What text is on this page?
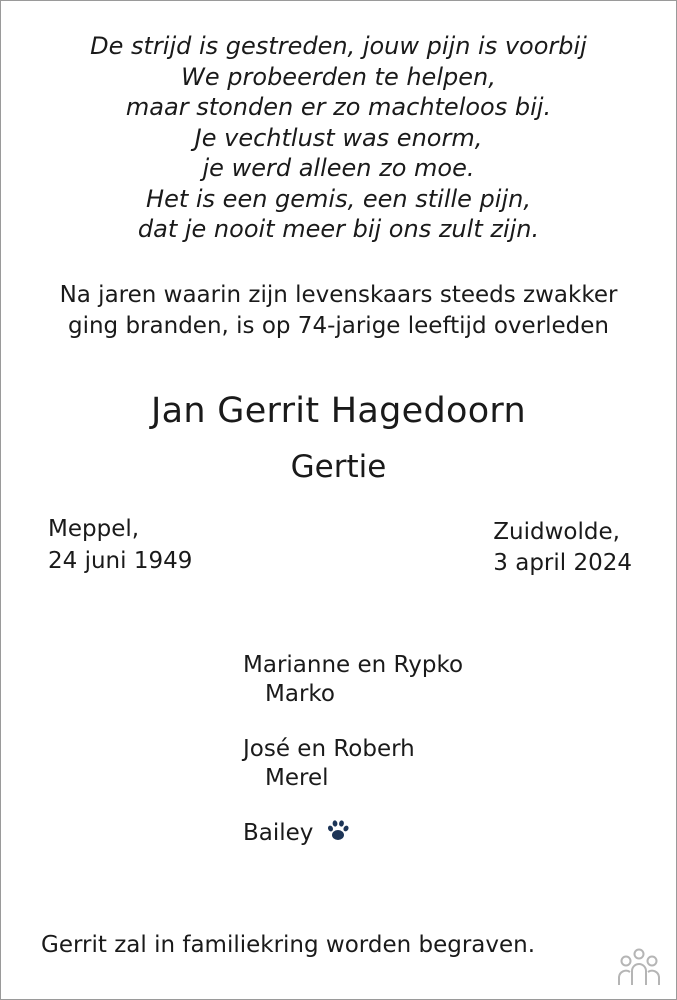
De strijd is gestreden, jouw pijn is voorbij
We probeerden te helpen,
maar stonden er zo machteloos bij.
Je vechtlust was enorm,
je werd alleen zo moe.
Het is een gemis, een stille pijn,
dat je nooit meer bij ons zult zijn.
Na jaren waarin zijn levenskaars steeds zwakker
ging branden, is op 74-jarige leeftijd overleden
Jan Gerrit Hagedoorn
Gertie
Meppel,
24 juni 1949
Zuidwolde,
3 april 2024
Marianne en Rypko
Marko
José en Roberh
Merel
Bailey
Gerrit zal in familiekring worden begraven.
